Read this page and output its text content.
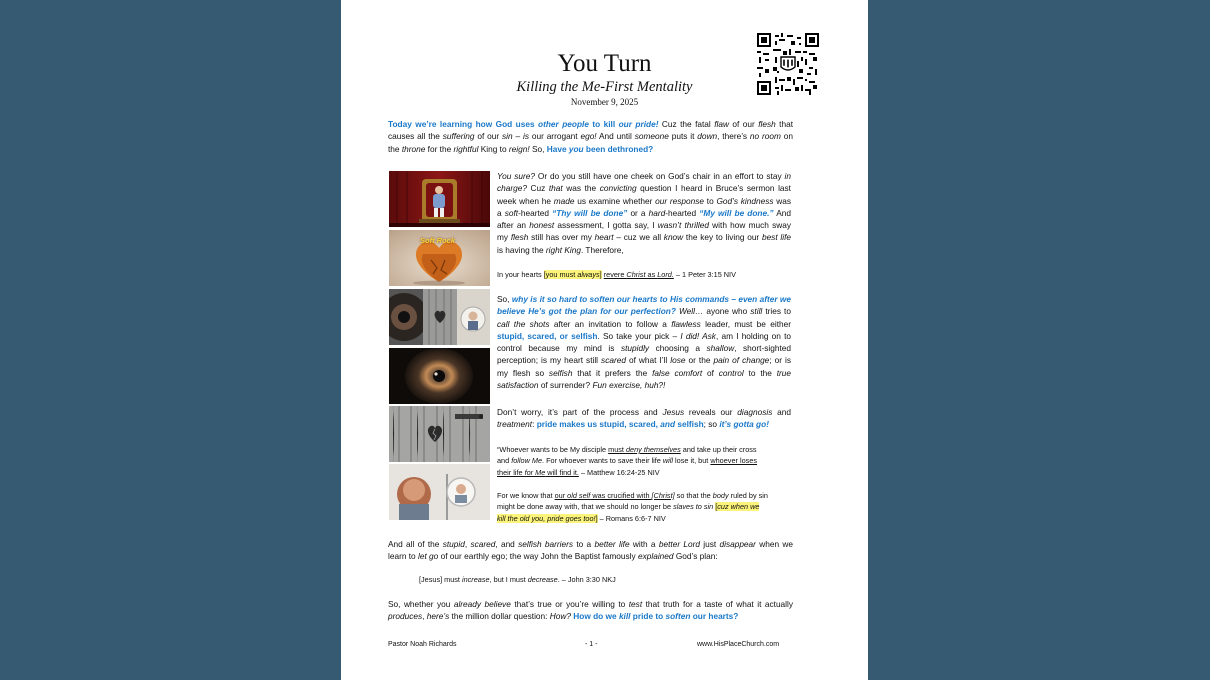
You Turn
Killing the Me-First Mentality
November 9, 2025
Today we’re learning how God uses other people to kill our pride! Cuz the fatal flaw of our flesh that causes all the suffering of our sin – is our arrogant ego! And until someone puts it down, there’s no room on the throne for the rightful King to reign! So, Have you been dethroned?
Soft Rock
You sure? Or do you still have one cheek on God’s chair in an effort to stay in charge? Cuz that was the convicting question I heard in Bruce’s sermon last week when he made us examine whether our response to God’s kindness was a soft-hearted “Thy will be done” or a hard-hearted “My will be done.” And after an honest assessment, I gotta say, I wasn’t thrilled with how much sway my flesh still has over my heart – cuz we all know the key to living our best life is having the right King. Therefore,
In your hearts [you must always] revere Christ as Lord. – 1 Peter 3:15 NIV
So, why is it so hard to soften our hearts to His commands – even after we believe He’s got the plan for our perfection? Well… ayone who still tries to call the shots after an invitation to follow a flawless leader, must be either stupid, scared, or selfish. So take your pick – I did! Ask, am I holding on to control because my mind is stupidly choosing a shallow, short-sighted perception; is my heart still scared of what I’ll lose or the pain of change; or is my flesh so selfish that it prefers the false comfort of control to the true satisfaction of surrender? Fun exercise, huh?!
Don’t worry, it’s part of the process and Jesus reveals our diagnosis and treatment: pride makes us stupid, scared, and selfish; so it’s gotta go!
“Whoever wants to be My disciple must deny themselves and take up their cross and follow Me. For whoever wants to save their life will lose it, but whoever loses their life for Me will find it. – Matthew 16:24-25 NIV
For we know that our old self was crucified with [Christ] so that the body ruled by sin might be done away with, that we should no longer be slaves to sin [cuz when we kill the old you, pride goes too!] – Romans 6:6-7 NIV
And all of the stupid, scared, and selfish barriers to a better life with a better Lord just disappear when we learn to let go of our earthly ego; the way John the Baptist famously explained God’s plan:
[Jesus] must increase, but I must decrease. – John 3:30 NKJ
So, whether you already believe that’s true or you’re willing to test that truth for a taste of what it actually produces, here’s the million dollar question: How? How do we kill pride to soften our hearts?
Pastor Noah Richards	- 1 -	www.HisPlaceChurch.com
